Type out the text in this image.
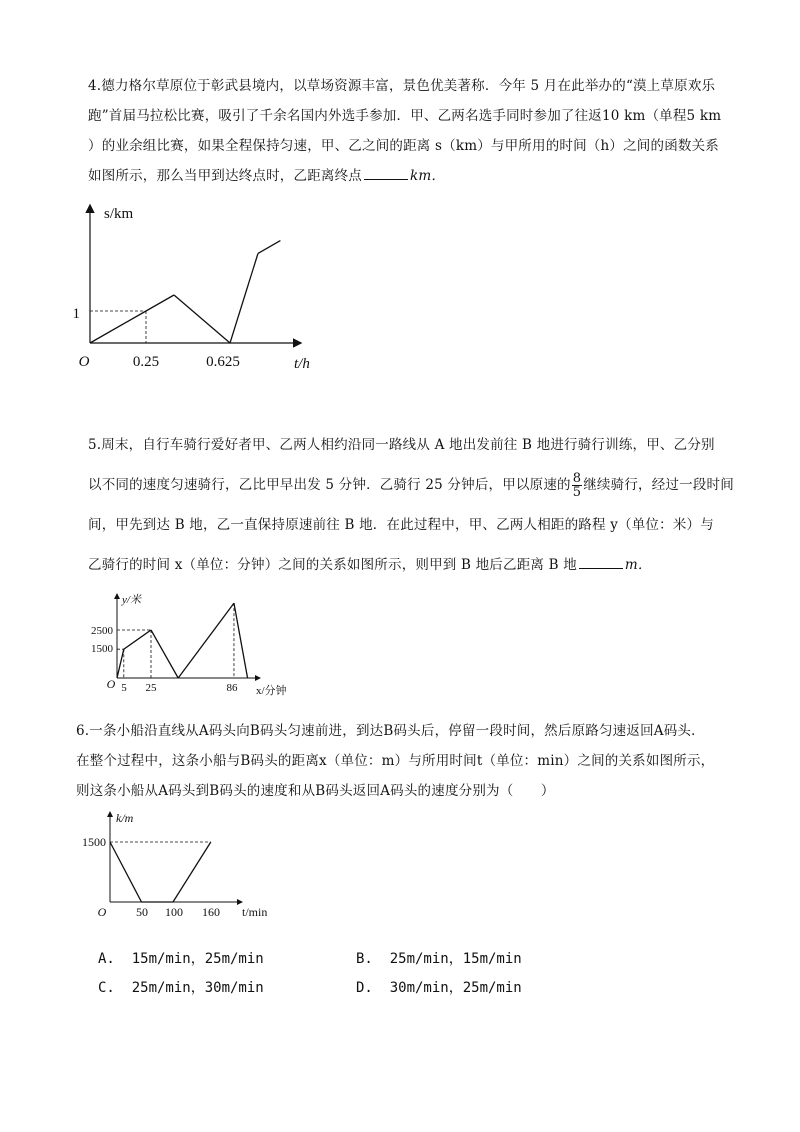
4.德力格尔草原位于彰武县境内，以草场资源丰富，景色优美著称．今年 5 月在此举办的“漠上草原欢乐
跑”首届马拉松比赛，吸引了千余名国内外选手参加．甲、乙两名选手同时参加了往返10 km（单程5 km
）的业余组比赛，如果全程保持匀速，甲、乙之间的距离 s（km）与甲所用的时间（h）之间的函数关系
如图所示，那么当甲到达终点时，乙距离终点	km．
s/km
t/h
O
1
0.25	0.625
5.周末，自行车骑行爱好者甲、乙两人相约沿同一路线从 A 地出发前往 B 地进行骑行训练，甲、乙分别
以不同的速度匀速骑行，乙比甲早出发 5 分钟．乙骑行 25 分钟后，甲以原速的 $\frac{8}{5}$ 继续骑行，经过一段时间
间，甲先到达 B 地，乙一直保持原速前往 B 地．在此过程中，甲、乙两人相距的路程 y（单位：米）与
乙骑行的时间 x（单位：分钟）之间的关系如图所示，则甲到 B 地后乙距离 B 地	m．
y/米
x/分钟
O
2500
1500
5 25	86
6.一条小船沿直线从A码头向B码头匀速前进，到达B码头后，停留一段时间，然后原路匀速返回A码头．
在整个过程中，这条小船与B码头的距离x（单位：m）与所用时间t（单位：min）之间的关系如图所示，
则这条小船从A码头到B码头的速度和从B码头返回A码头的速度分别为（　　）
k/m
t/min
O
1500
50 100 160
A. 15m/min，25m/min	B. 25m/min，15m/min
C. 25m/min，30m/min	D. 30m/min，25m/min
